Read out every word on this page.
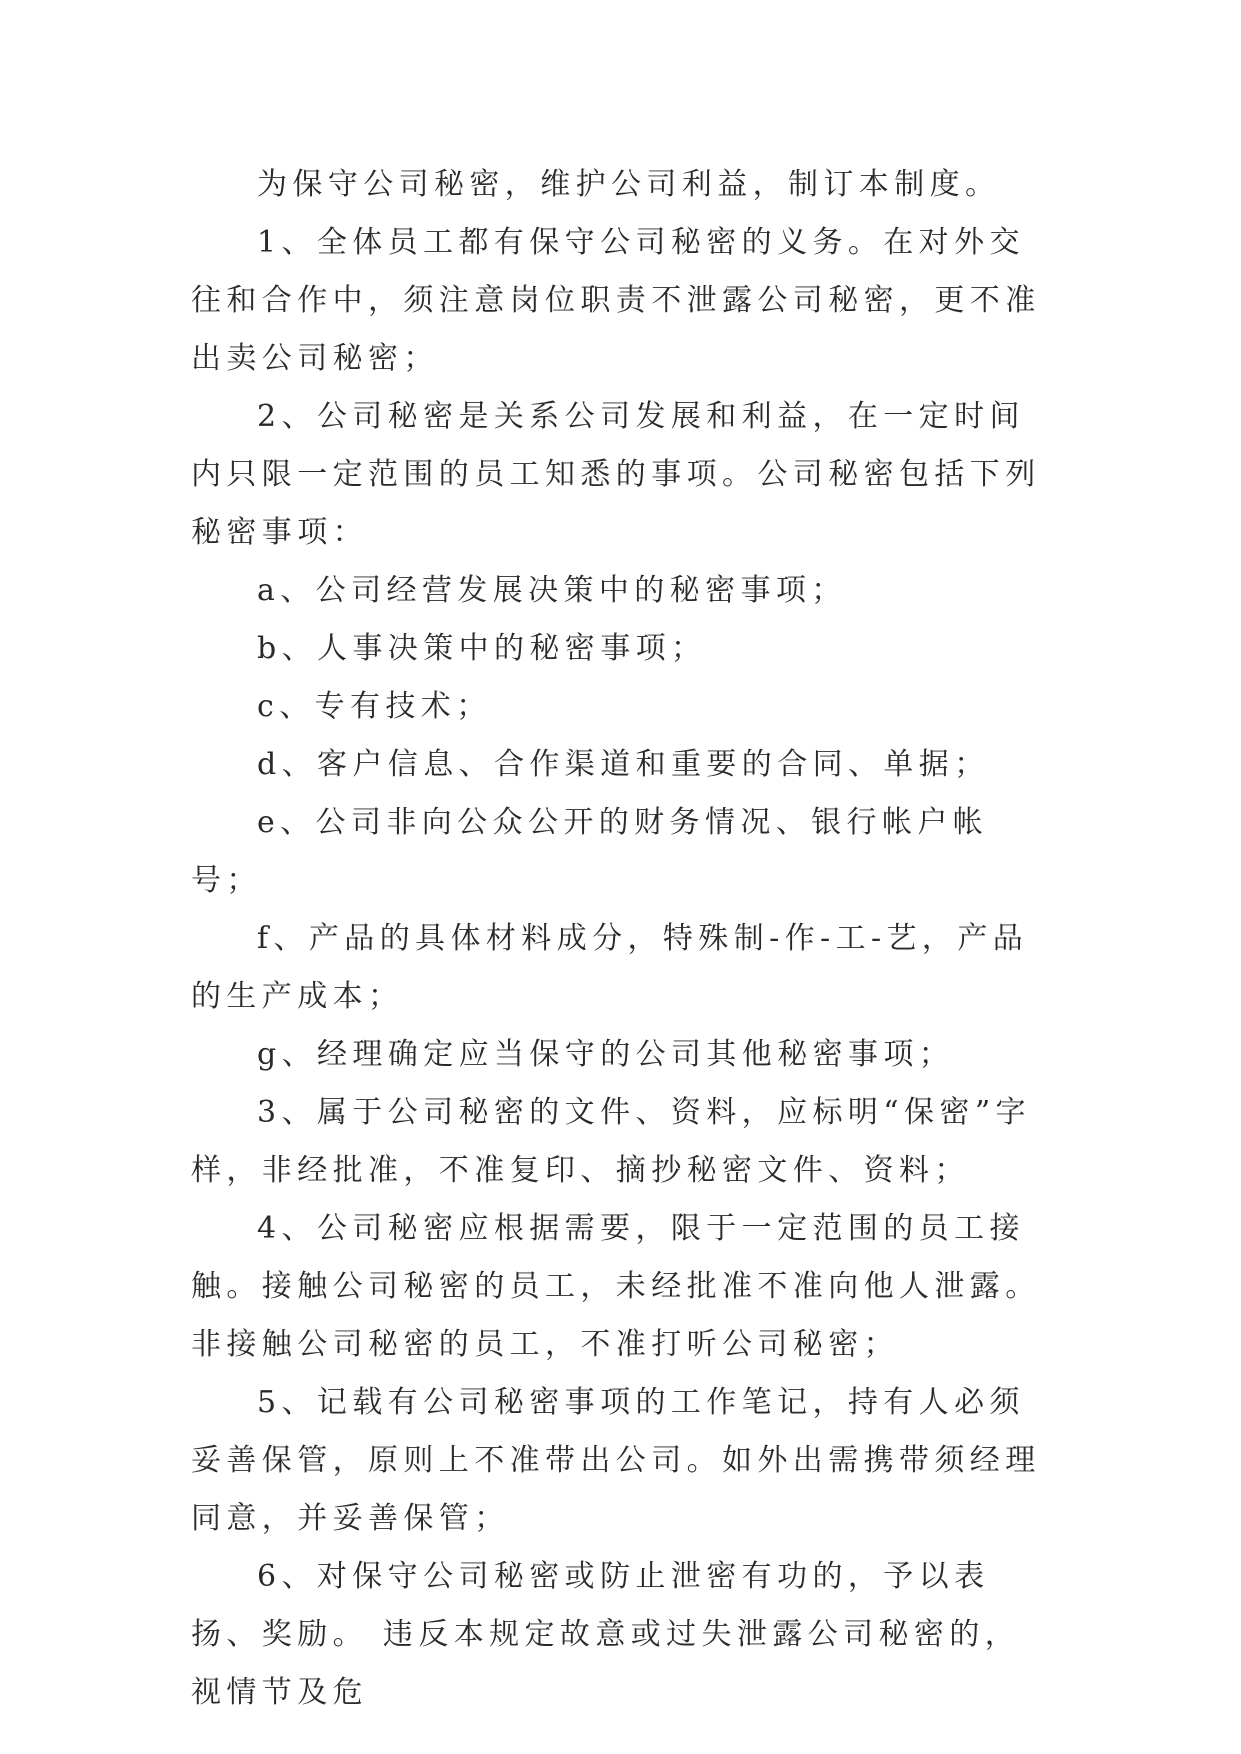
为保守公司秘密，维护公司利益，制订本制度。

1、全体员工都有保守公司秘密的义务。在对外交往和合作中，须注意岗位职责不泄露公司秘密，更不准出卖公司秘密；

2、公司秘密是关系公司发展和利益，在一定时间内只限一定范围的员工知悉的事项。公司秘密包括下列秘密事项：

a、公司经营发展决策中的秘密事项；

b、人事决策中的秘密事项；

c、专有技术；

d、客户信息、合作渠道和重要的合同、单据；

e、公司非向公众公开的财务情况、银行帐户帐号；

f、产品的具体材料成分，特殊制-作-工-艺，产品的生产成本；

g、经理确定应当保守的公司其他秘密事项；

3、属于公司秘密的文件、资料，应标明“保密”字样，非经批准，不准复印、摘抄秘密文件、资料；

4、公司秘密应根据需要，限于一定范围的员工接触。接触公司秘密的员工，未经批准不准向他人泄露。非接触公司秘密的员工，不准打听公司秘密；

5、记载有公司秘密事项的工作笔记，持有人必须妥善保管，原则上不准带出公司。如外出需携带须经理同意，并妥善保管；

6、对保守公司秘密或防止泄密有功的，予以表扬、奖励。 违反本规定故意或过失泄露公司秘密的，视情节及危
